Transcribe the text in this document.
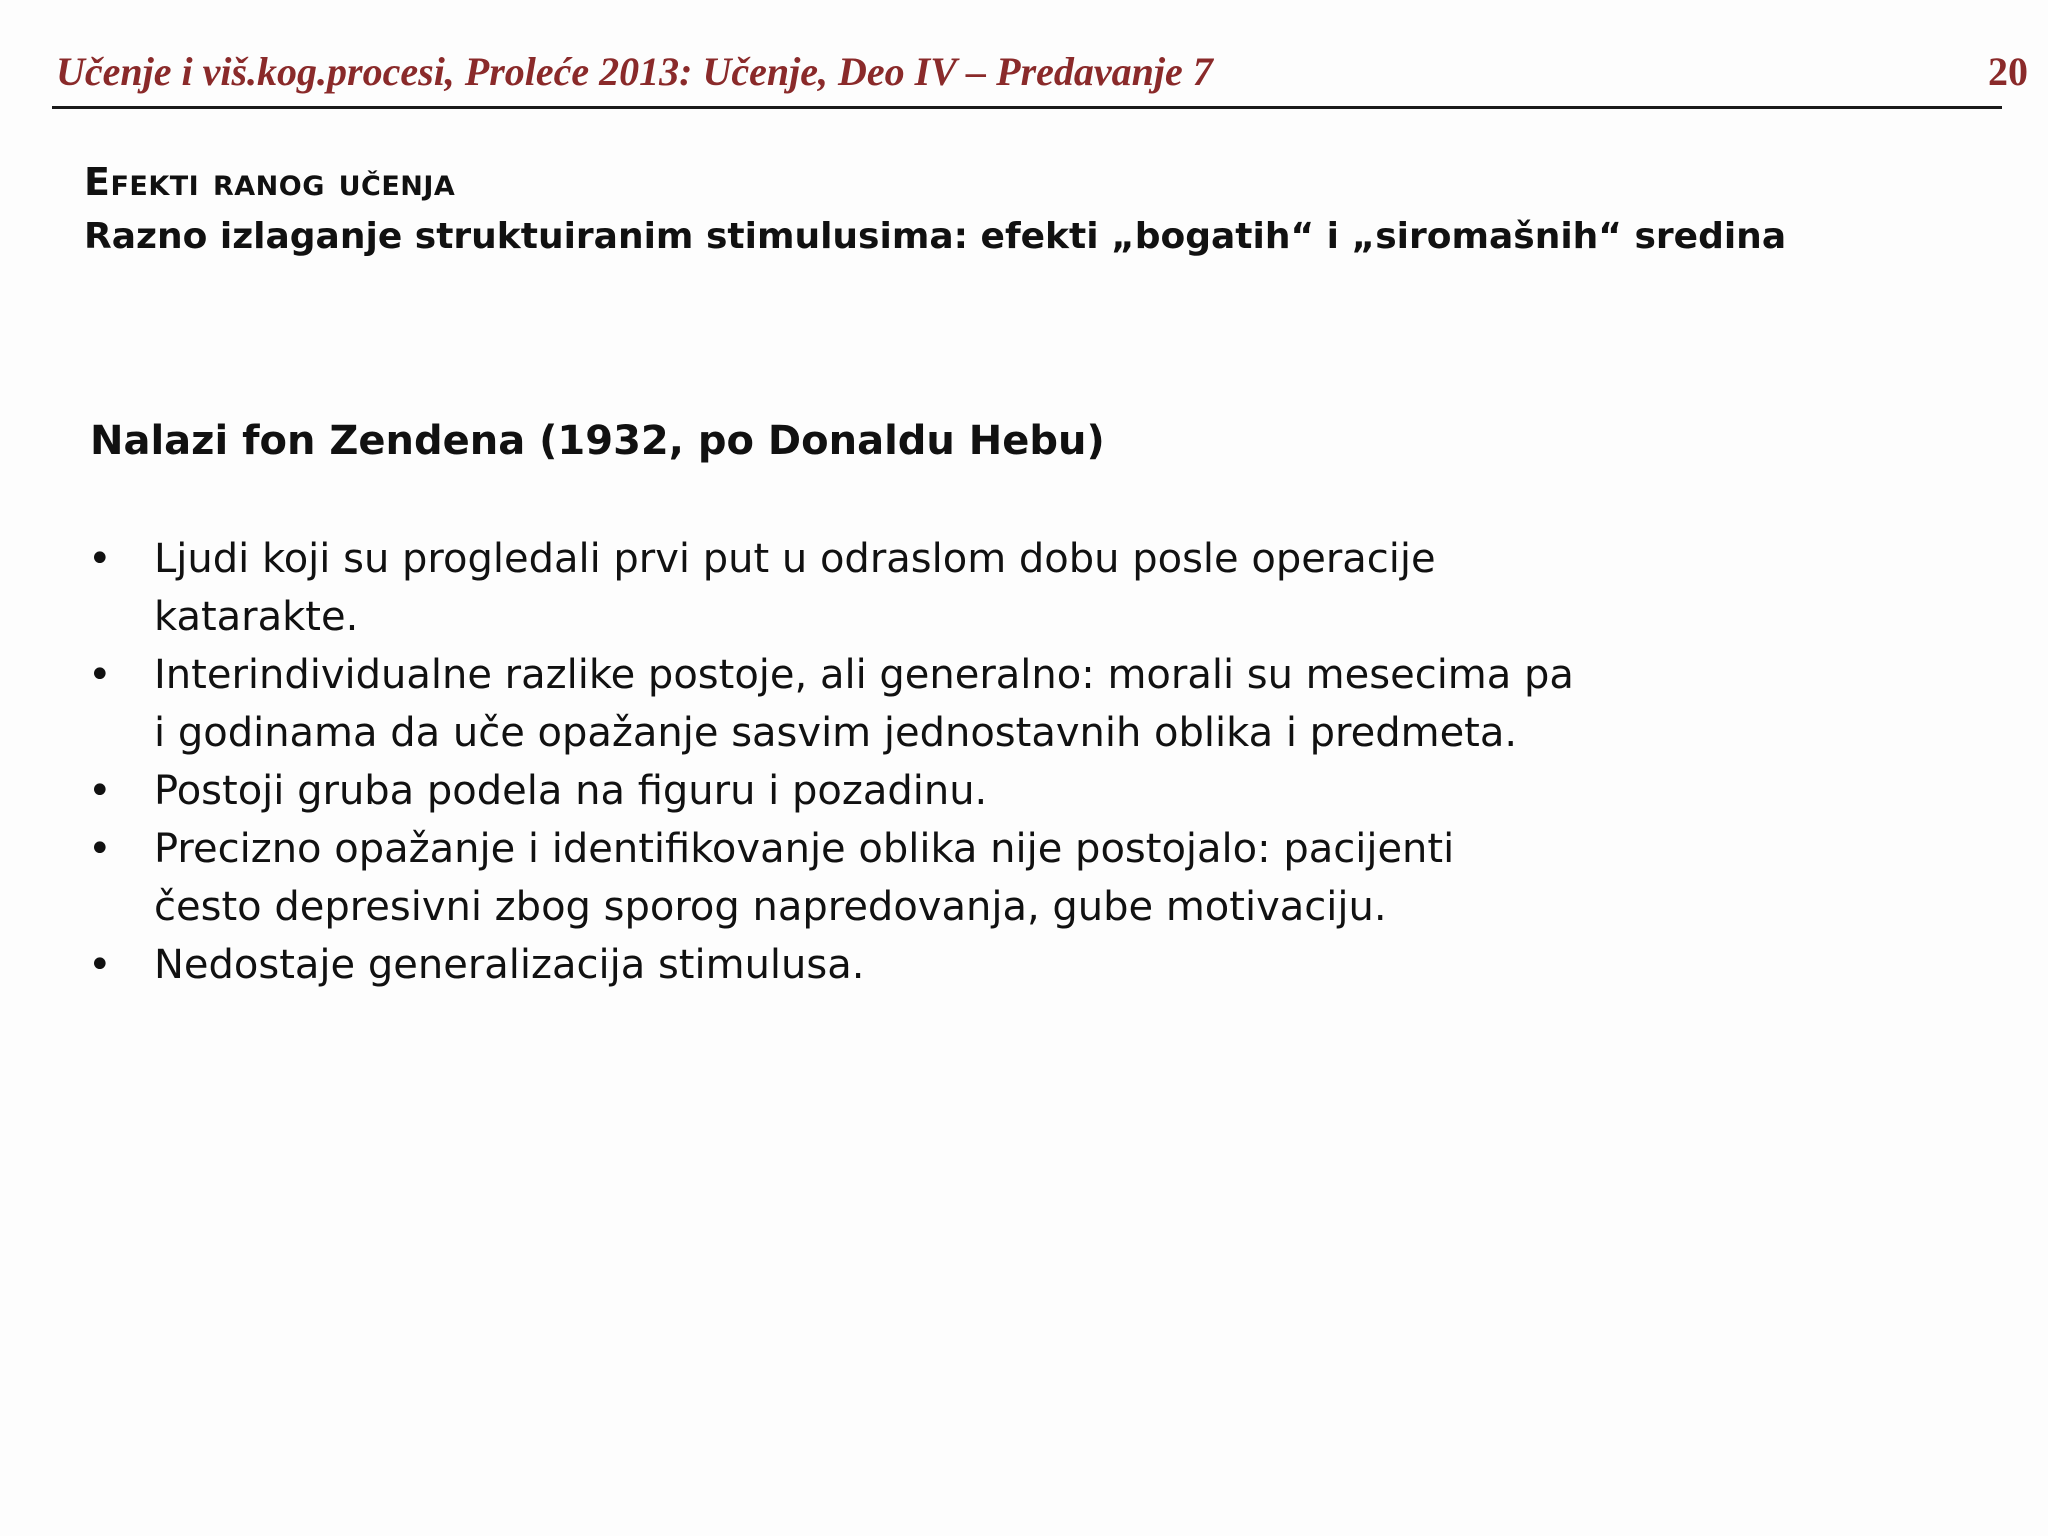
Učenje i viš.kog.procesi, Proleće 2013: Učenje, Deo IV – Predavanje 7	20
Efekti ranog učenja
Razno izlaganje struktuiranim stimulusima: efekti „bogatih“ i „siromašnih“ sredina
Nalazi fon Zendena (1932, po Donaldu Hebu)
• Ljudi koji su progledali prvi put u odraslom dobu posle operacije
katarakte.
• Interindividualne razlike postoje, ali generalno: morali su mesecima pa
i godinama da uče opažanje sasvim jednostavnih oblika i predmeta.
• Postoji gruba podela na figuru i pozadinu.
• Precizno opažanje i identifikovanje oblika nije postojalo: pacijenti
često depresivni zbog sporog napredovanja, gube motivaciju.
• Nedostaje generalizacija stimulusa.
